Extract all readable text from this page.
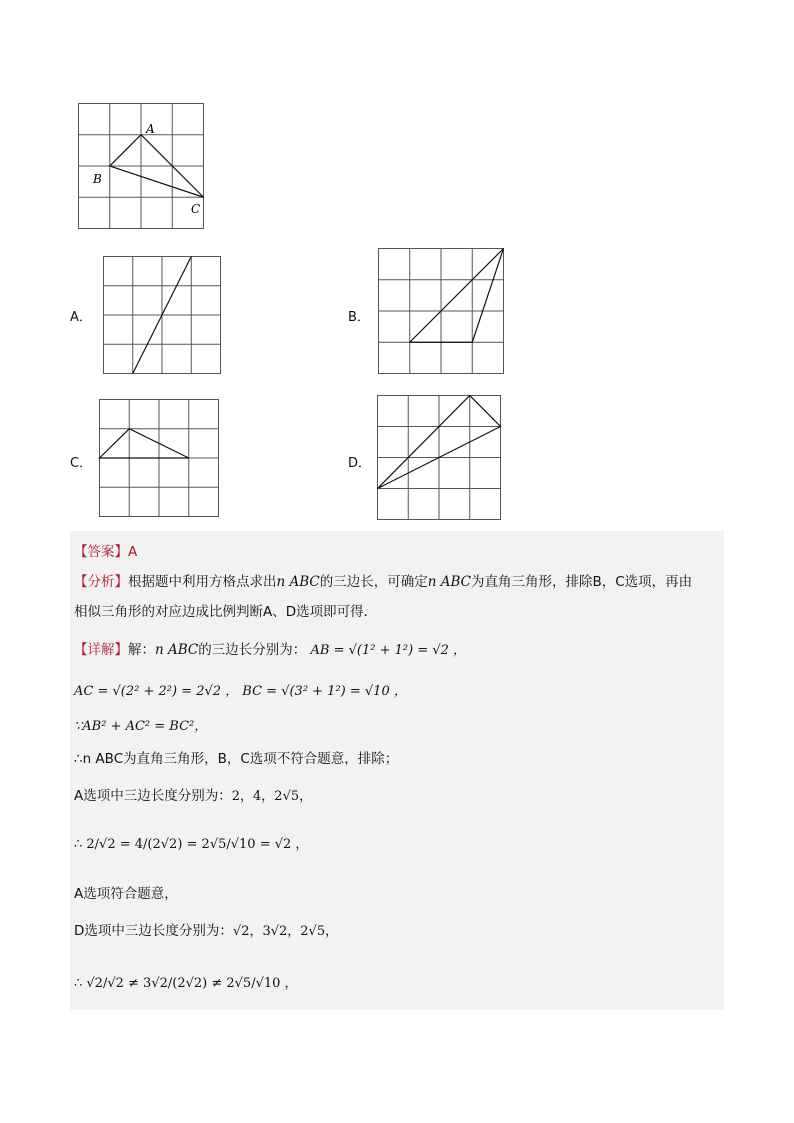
A
B
C
A．	B．
C．	D．
【答案】A
【分析】根据题中利用方格点求出n ABC的三边长，可确定n ABC为直角三角形，排除B，C选项，再由
相似三角形的对应边成比例判断A、D选项即可得．
【详解】解：n ABC的三边长分别为： AB = √(1² + 1²) = √2 ，
AC = √(2² + 2²) = 2√2 ， BC = √(3² + 1²) = √10 ，
∵AB² + AC² = BC²，
∴n ABC为直角三角形，B，C选项不符合题意，排除；
A选项中三边长度分别为：2，4，2√5，
∴ 2/√2 = 4/(2√2) = 2√5/√10 = √2 ，
A选项符合题意，
D选项中三边长度分别为：√2，3√2，2√5，
∴ √2/√2 ≠ 3√2/(2√2) ≠ 2√5/√10 ，
